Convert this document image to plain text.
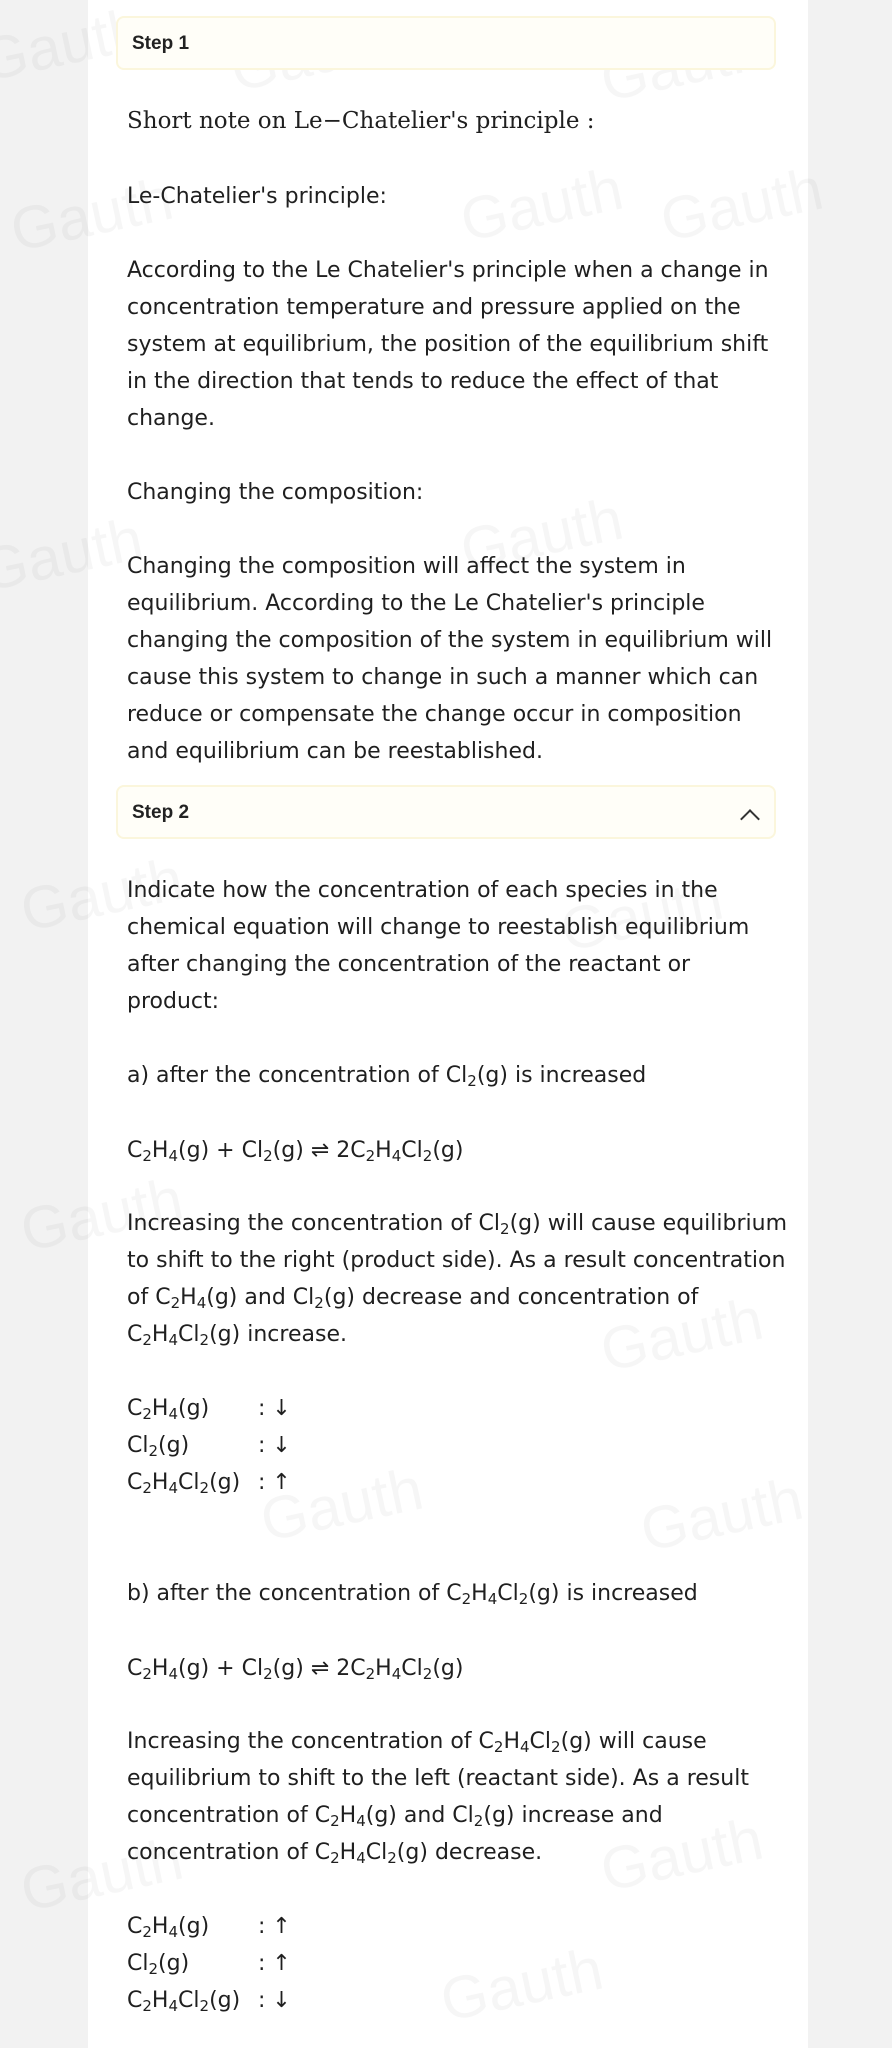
Step 1

Short note on Le−Chatelier's principle :

Le-Chatelier's principle:

According to the Le Chatelier's principle when a change in concentration temperature and pressure applied on the system at equilibrium, the position of the equilibrium shift in the direction that tends to reduce the effect of that change.

Changing the composition:

Changing the composition will affect the system in equilibrium. According to the Le Chatelier's principle changing the composition of the system in equilibrium will cause this system to change in such a manner which can reduce or compensate the change occur in composition and equilibrium can be reestablished.

Step 2

Indicate how the concentration of each species in the chemical equation will change to reestablish equilibrium after changing the concentration of the reactant or product:

a) after the concentration of $Cl_2(g)$ is increased
$C_2H_4(g) + Cl_2(g)$ ⇌ $2C_2H_4Cl_2(g)$

Increasing the concentration of $Cl_2(g)$ will cause equilibrium to shift to the right (product side). As a result concentration of $C_2H_4(g)$ and $Cl_2(g)$ decrease and concentration of $C_2H_4Cl_2(g)$ increase.

$C_2H_4(g)$ : ↓
$Cl_2(g)$	: ↓
$C_2H_4Cl_2(g)$ : ↑
b) after the concentration of $C_2H_4Cl_2(g)$ is increased
$C_2H_4(g) + Cl_2(g)$ ⇌ $2C_2H_4Cl_2(g)$

Increasing the concentration of $C_2H_4Cl_2(g)$ will cause equilibrium to shift to the left (reactant side). As a result concentration of $C_2H_4(g)$ and $Cl_2(g)$ increase and concentration of $C_2H_4Cl_2(g)$ decrease.

$C_2H_4(g)$ : ↑
$Cl_2(g)$	: ↑
$C_2H_4Cl_2(g)$ : ↓
